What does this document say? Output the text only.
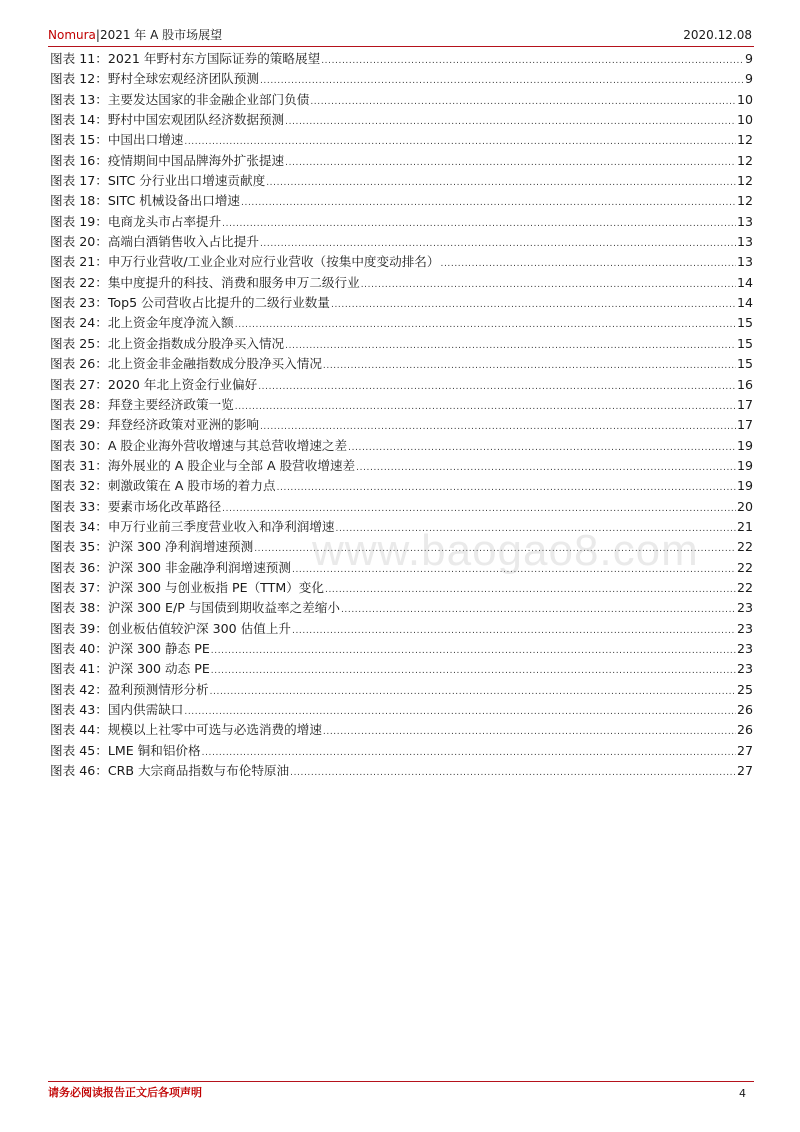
Nomura|2021 年 A 股市场展望	2020.12.08
图表 11： 2021 年野村东方国际证券的策略展望 .....	9
图表 12： 野村全球宏观经济团队预测 .....	9
图表 13： 主要发达国家的非金融企业部门负债 .....	10
图表 14： 野村中国宏观团队经济数据预测 .....	10
图表 15： 中国出口增速 .....	12
图表 16： 疫情期间中国品牌海外扩张提速 .....	12
图表 17： SITC 分行业出口增速贡献度 .....	12
图表 18： SITC 机械设备出口增速 .....	12
图表 19： 电商龙头市占率提升 .....	13
图表 20： 高端白酒销售收入占比提升 .....	13
图表 21： 申万行业营收/工业企业对应行业营收（按集中度变动排名） .....	13
图表 22： 集中度提升的科技、消费和服务申万二级行业 .....	14
图表 23： Top5 公司营收占比提升的二级行业数量 .....	14
图表 24： 北上资金年度净流入额 .....	15
图表 25： 北上资金指数成分股净买入情况 .....	15
图表 26： 北上资金非金融指数成分股净买入情况 .....	15
图表 27： 2020 年北上资金行业偏好 .....	16
图表 28： 拜登主要经济政策一览 .....	17
图表 29： 拜登经济政策对亚洲的影响 .....	17
图表 30： A 股企业海外营收增速与其总营收增速之差 .....	19
图表 31： 海外展业的 A 股企业与全部 A 股营收增速差 .....	19
图表 32： 刺激政策在 A 股市场的着力点 .....	19
图表 33： 要素市场化改革路径 .....	20
图表 34： 申万行业前三季度营业收入和净利润增速 .....	21
图表 35： 沪深 300 净利润增速预测 .....	22
图表 36： 沪深 300 非金融净利润增速预测 .....	22
图表 37： 沪深 300 与创业板指 PE（TTM）变化 .....	22
图表 38： 沪深 300 E/P 与国债到期收益率之差缩小 .....	23
图表 39： 创业板估值较沪深 300 估值上升 .....	23
图表 40： 沪深 300 静态 PE .....	23
图表 41： 沪深 300 动态 PE .....	23
图表 42： 盈利预测情形分析 .....	25
图表 43： 国内供需缺口 .....	26
图表 44： 规模以上社零中可选与必选消费的增速 .....	26
图表 45： LME 铜和铝价格 .....	27
图表 46： CRB 大宗商品指数与布伦特原油 .....	27
www.baogao8.com
请务必阅读报告正文后各项声明	4
